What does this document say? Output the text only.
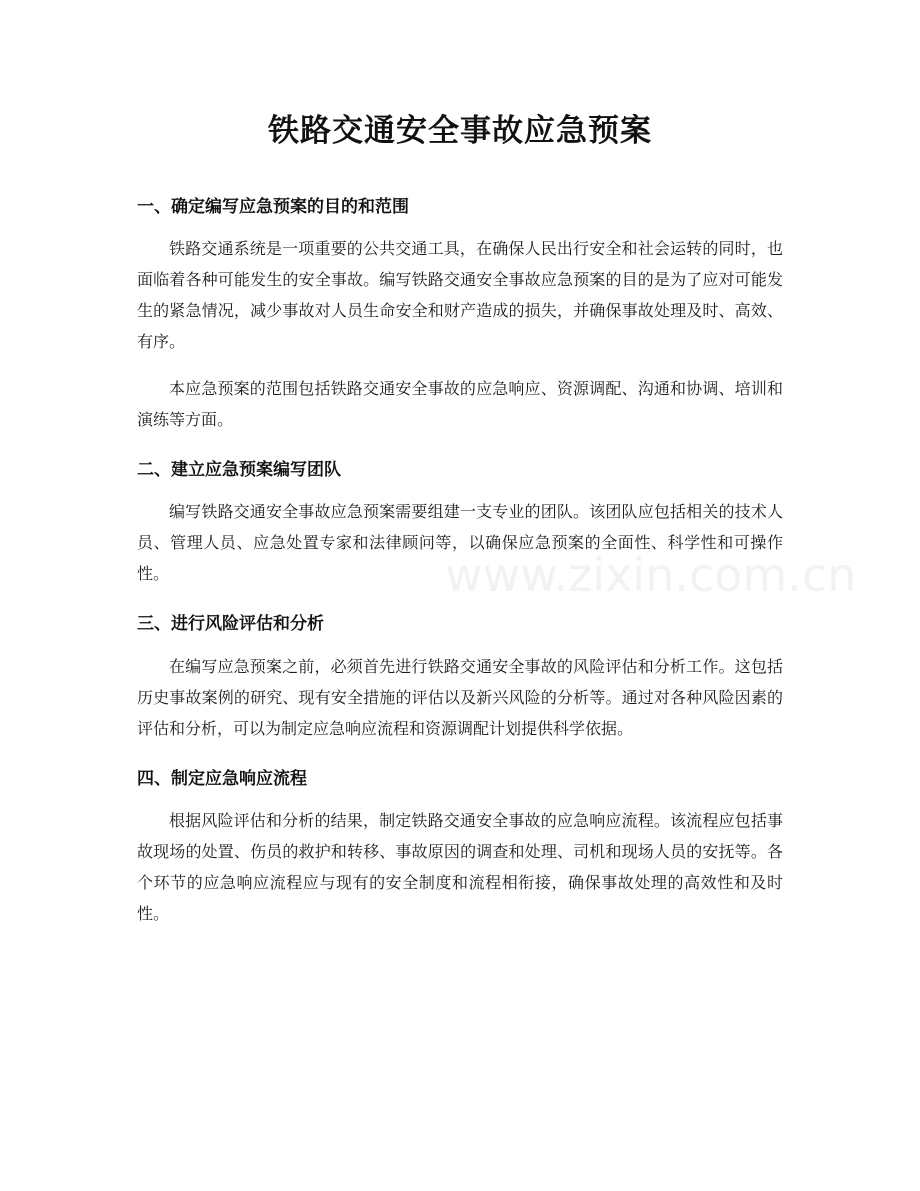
铁路交通安全事故应急预案
一、确定编写应急预案的目的和范围

铁路交通系统是一项重要的公共交通工具，在确保人民出行安全和社会运转的同时，也面临着各种可能发生的安全事故。编写铁路交通安全事故应急预案的目的是为了应对可能发生的紧急情况，减少事故对人员生命安全和财产造成的损失，并确保事故处理及时、高效、有序。

本应急预案的范围包括铁路交通安全事故的应急响应、资源调配、沟通和协调、培训和演练等方面。

二、建立应急预案编写团队

编写铁路交通安全事故应急预案需要组建一支专业的团队。该团队应包括相关的技术人员、管理人员、应急处置专家和法律顾问等，以确保应急预案的全面性、科学性和可操作性。

三、进行风险评估和分析

在编写应急预案之前，必须首先进行铁路交通安全事故的风险评估和分析工作。这包括历史事故案例的研究、现有安全措施的评估以及新兴风险的分析等。通过对各种风险因素的评估和分析，可以为制定应急响应流程和资源调配计划提供科学依据。

四、制定应急响应流程

根据风险评估和分析的结果，制定铁路交通安全事故的应急响应流程。该流程应包括事故现场的处置、伤员的救护和转移、事故原因的调查和处理、司机和现场人员的安抚等。各个环节的应急响应流程应与现有的安全制度和流程相衔接，确保事故处理的高效性和及时性。

www.zixin.com.cn
